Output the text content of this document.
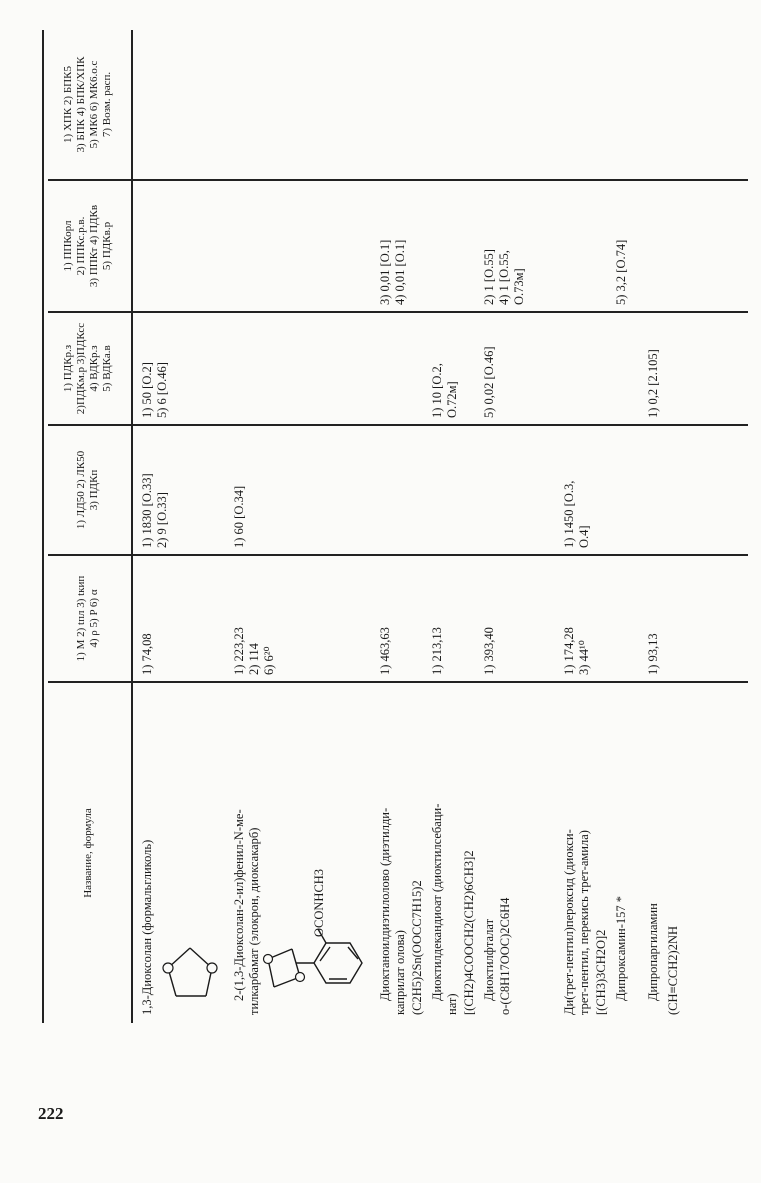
222
Название, формула
1) M 2) tпл 3) tкип 4) ρ 5) P 6) α
1) ЛД50 2) ЛК50 3) ПДКп
1) ПДКр.з 2)ПДКм.р 3)ПДКсс 4) ВДКр.з 5) ВДКа.в
1) ППКорл 2) ППКс.р.в. 3) ППКт 4) ПДКв 5) ПДКв.р
1) ХПК 2) БПК5 3) БПК 4) БПК/ХПК 5) МК6 6) МК6.о.с 7) Возм. расп.
1,3-Диоксолан (формальгликоль)
1) 74,08
1) 1830 [O.33] 2) 9 [O.33]
1) 50 [O.2] 5) 6 [O.46]
2-(1,3-Диоксолан-2-ил)фенил-N-ме- тилкарбамат (элокрон, диоксакарб)	OCONHCH3
1) 223,23 2) 114 6) 6²⁰
1) 60 [O.34]
Диоктаноилдиэтилолово (диэтилди- каприлат олова) (C2H5)2Sn(OOCC7H15)2
1) 463,63
3) 0,01 [O.1] 4) 0,01 [O.1]
Диоктилдекандиоат (диоктилсебаци-
нат) [(CH2)4COOCH2(CH2)6CH3]2
1) 213,13
1) 10 [O.2, O.72м]
Диоктилфталат o-(C8H17OOC)2C6H4
1) 393,40
5) 0,02 [O.46]
2) 1 [O.55] 4) 1 [O.55, O.73м]
Ди(трет-пентил)пероксид (диокси- трет-пентил, перекись трет-амила) [(CH3)3CH2O]2
1) 174,28 3) 44¹⁰
1) 1450 [O.3, O.4]
Дипроксамин-157 *
1) 0,2 [2.105]
5) 3,2 [O.74]
Дипропаргиламин (CH≡CCH2)2NH
1) 93,13
